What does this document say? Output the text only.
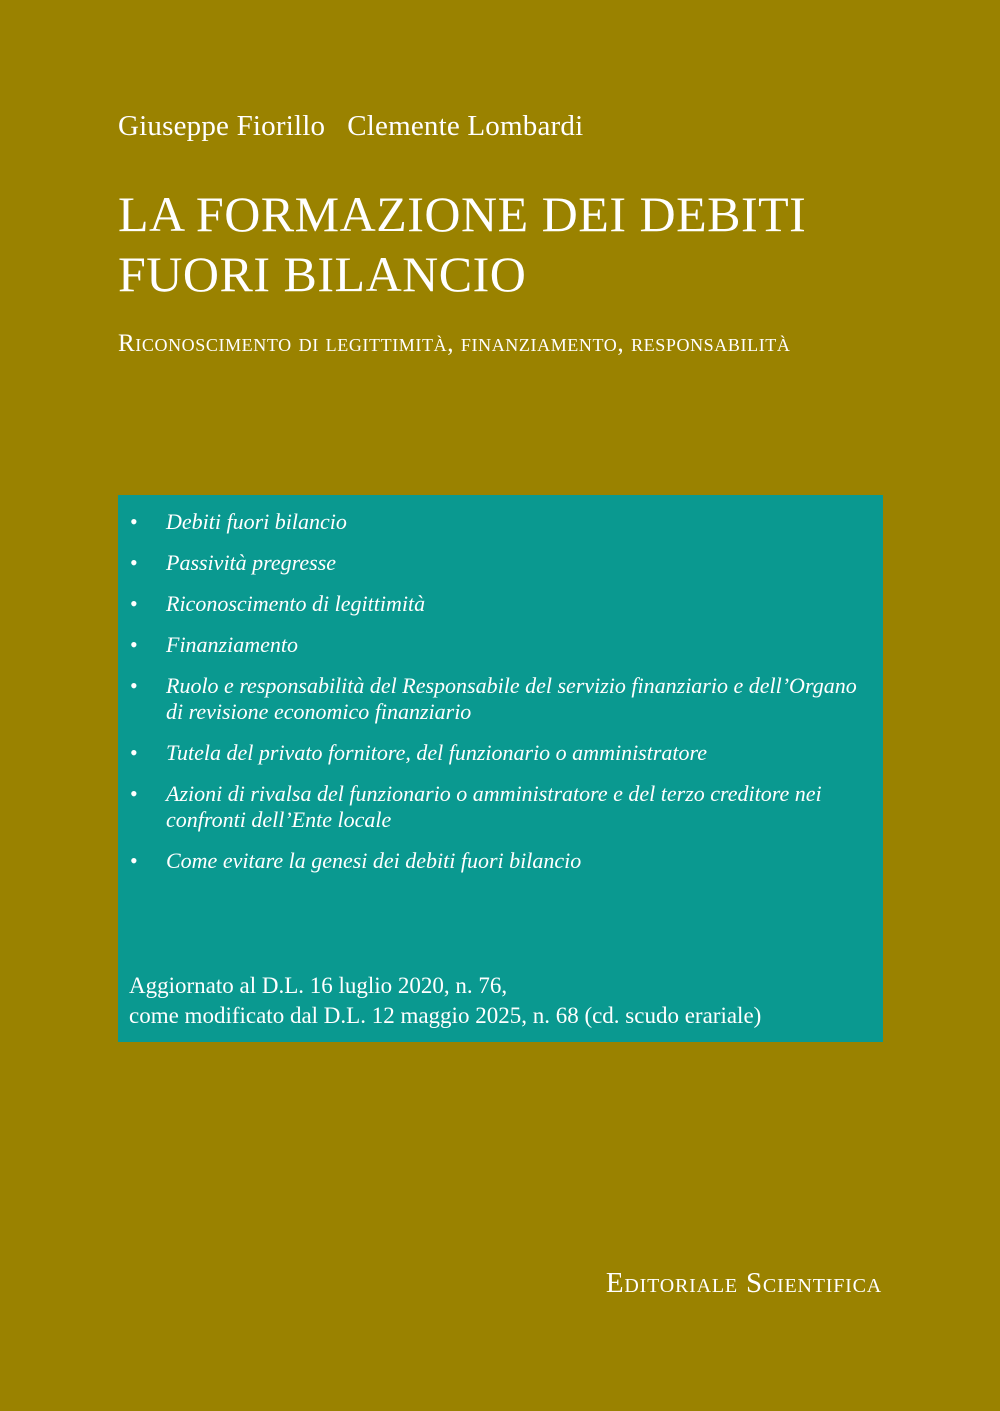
Giuseppe Fiorillo Clemente Lombardi
LA FORMAZIONE DEI DEBITI
FUORI BILANCIO
Riconoscimento di legittimità, finanziamento, responsabilità
•	Debiti fuori bilancio
•	Passività pregresse
•	Riconoscimento di legittimità
•	Finanziamento
•	Ruolo e responsabilità del Responsabile del servizio finanziario e dell’Organo di revisione economico finanziario
•	Tutela del privato fornitore, del funzionario o amministratore
•	Azioni di rivalsa del funzionario o amministratore e del terzo creditore nei confronti dell’Ente locale
•	Come evitare la genesi dei debiti fuori bilancio
Aggiornato al D.L. 16 luglio 2020, n. 76,
come modificato dal D.L. 12 maggio 2025, n. 68 (cd. scudo erariale)
Editoriale Scientifica
